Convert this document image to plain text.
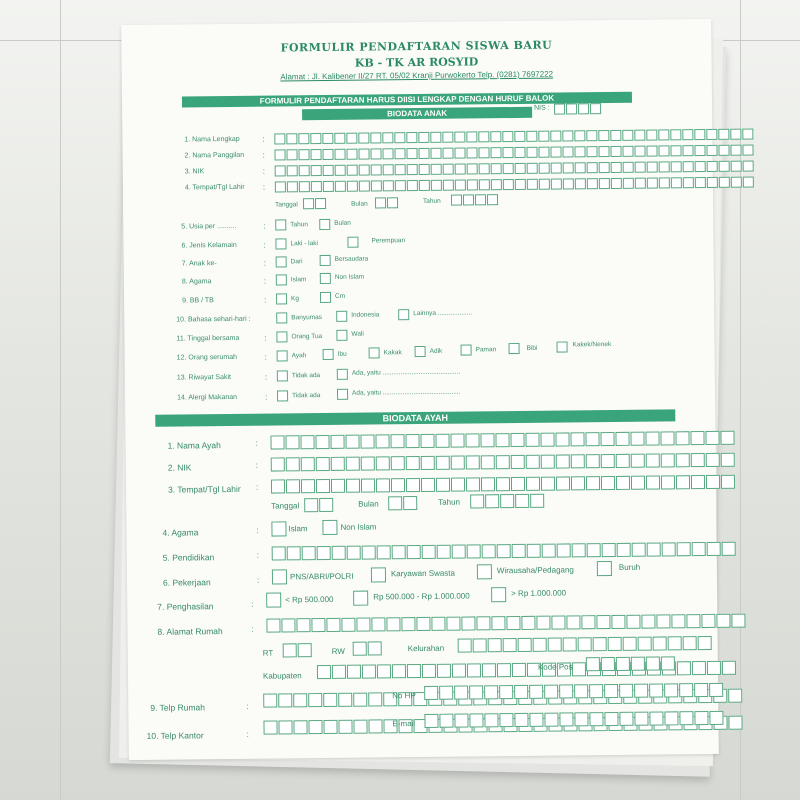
FORMULIR PENDAFTARAN SISWA BARU
KB - TK AR ROSYID
Alamat : Jl. Kalibener II/27 RT. 05/02 Kranji Purwokerto Telp. (0281) 7697222
FORMULIR PENDAFTARAN HARUS DIISI LENGKAP DENGAN HURUF BALOK
BIODATA ANAK
NIS :
1. Nama Lengkap	:
2. Nama Panggilan :
3. NIK	:
4. Tempat/Tgl Lahir :
Tanggal	Bulan	Tahun
5. Usia per ..........	:	Tahun	Bulan
6. Jenis Kelamain	:	Laki - laki	Perempuan
7. Anak ke-	:	Dari	Bersaudara
8. Agama	:	Islam	Non Islam
9. BB / TB	:	Kg	Cm
10. Bahasa sehari-hari :	Banyumas	Indonesia	Lainnya ...................
11. Tinggal bersama	:	Orang Tua	Wali
12. Orang serumah	:	Ayah	Ibu	Kakak	Adik	Paman	Bibi	Kakek/Nenek
13. Riwayat Sakit	:	Tidak ada	Ada, yaitu ...........................................
14. Alergi Makanan	:	Tidak ada	Ada, yaitu ...........................................
BIODATA AYAH
1. Nama Ayah	:
2. NIK	:
3. Tempat/Tgl Lahir :
Tanggal	Bulan	Tahun
4. Agama	:	Islam	Non Islam
5. Pendidikan	:
6. Pekerjaan	:	PNS/ABRI/POLRI	Karyawan Swasta	Wirausaha/Pedagang	Buruh
7. Penghasilan	:	< Rp 500.000	Rp 500.000 - Rp 1.000.000	> Rp 1.000.000
8. Alamat Rumah	:
RT	RW	Kelurahan
Kabupaten
Kode Pos
9. Telp Rumah	:
No HP
10. Telp Kantor	:
E-mail
